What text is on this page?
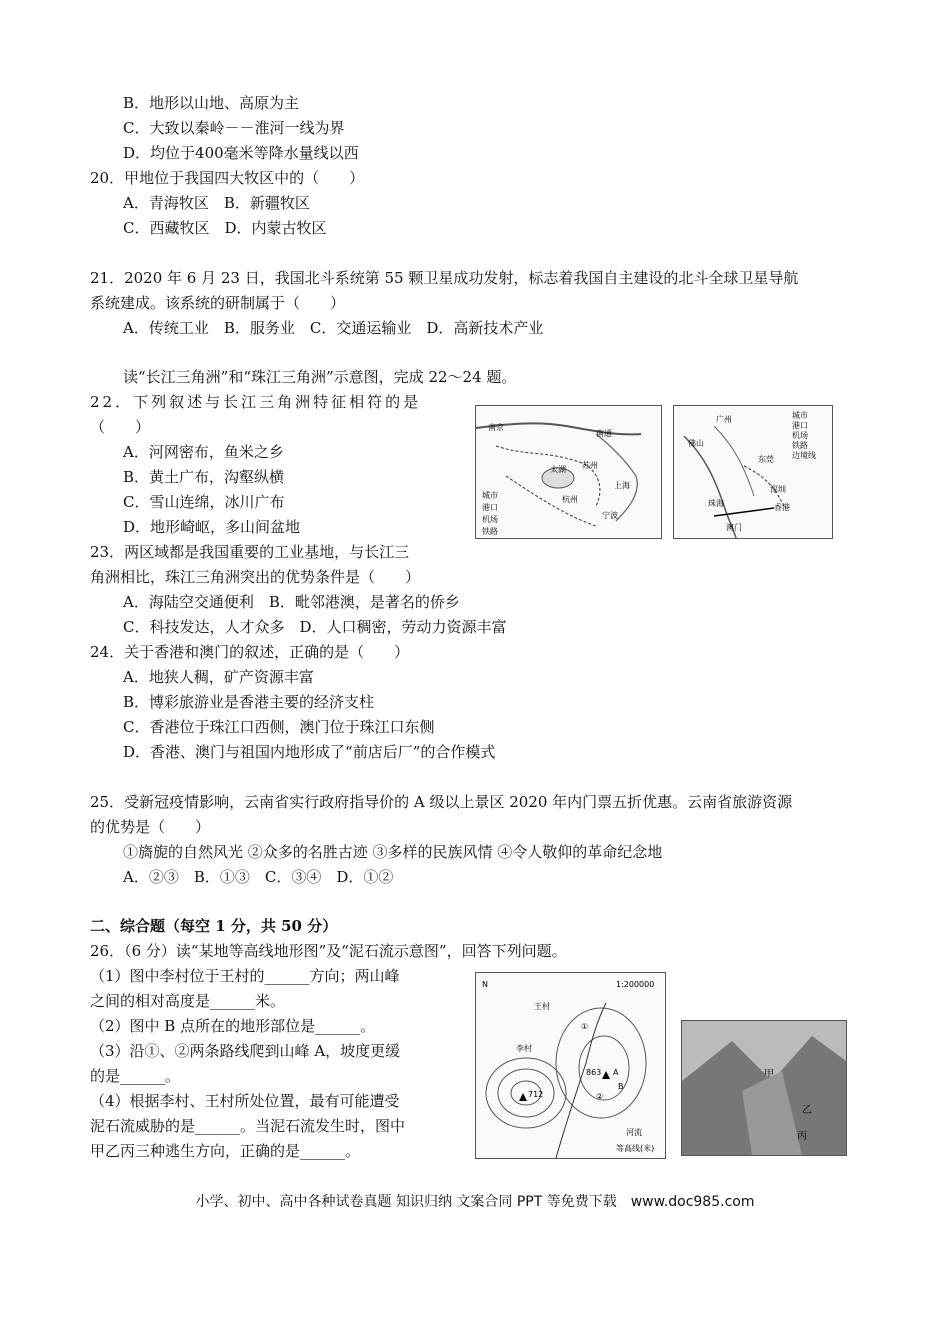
B．地形以山地、高原为主
C．大致以秦岭－－淮河一线为界
D．均位于400毫米等降水量线以西
20．甲地位于我国四大牧区中的（　　）
A．青海牧区　B．新疆牧区
C．西藏牧区　D．内蒙古牧区
21．2020 年 6 月 23 日，我国北斗系统第 55 颗卫星成功发射，标志着我国自主建设的北斗全球卫星导航
系统建成。该系统的研制属于（　　）
A．传统工业　B．服务业　C．交通运输业　D．高新技术产业
读“长江三角洲”和“珠江三角洲”示意图，完成 22～24 题。
22．下列叙述与长江三角洲特征相符的是
（　　）
A．河网密布，鱼米之乡
B．黄土广布，沟壑纵横
C．雪山连绵，冰川广布
D．地形崎岖，多山间盆地
23．两区域都是我国重要的工业基地，与长江三
角洲相比，珠江三角洲突出的优势条件是（　　）
A．海陆空交通便利　B．毗邻港澳，是著名的侨乡
C．科技发达，人才众多　D．人口稠密，劳动力资源丰富
24．关于香港和澳门的叙述，正确的是（　　）
A．地狭人稠，矿产资源丰富
B．博彩旅游业是香港主要的经济支柱
C．香港位于珠江口西侧，澳门位于珠江口东侧
D．香港、澳门与祖国内地形成了“前店后厂”的合作模式
25．受新冠疫情影响，云南省实行政府指导价的 A 级以上景区 2020 年内门票五折优惠。云南省旅游资源
的优势是（　　）
①旖旎的自然风光 ②众多的名胜古迹 ③多样的民族风情 ④令人敬仰的革命纪念地
A．②③　B．①③　C．③④　D．①②
二、综合题（每空 1 分，共 50 分）
26．（6 分）读“某地等高线地形图”及“泥石流示意图”，回答下列问题。
（1）图中李村位于王村的______方向；两山峰
之间的相对高度是______米。
（2）图中 B 点所在的地形部位是______。
（3）沿①、②两条路线爬到山峰 A，坡度更缓
的是______。
（4）根据李村、王村所处位置，最有可能遭受
泥石流威胁的是______。当泥石流发生时，图中
甲乙丙三种逃生方向，正确的是______。
南京
南通
太湖 苏州
上海
杭州
宁波
城市
港口
机场
铁路
广州
佛山
东莞
深圳
香港
澳门
珠海
城市
港口
机场
铁路
边境线
N
王村
李村
A
B
①
②
863
712
1:200000
河流
等高线(米)
甲
乙
丙
小学、初中、高中各种试卷真题 知识归纳 文案合同 PPT 等免费下载　www.doc985.com
